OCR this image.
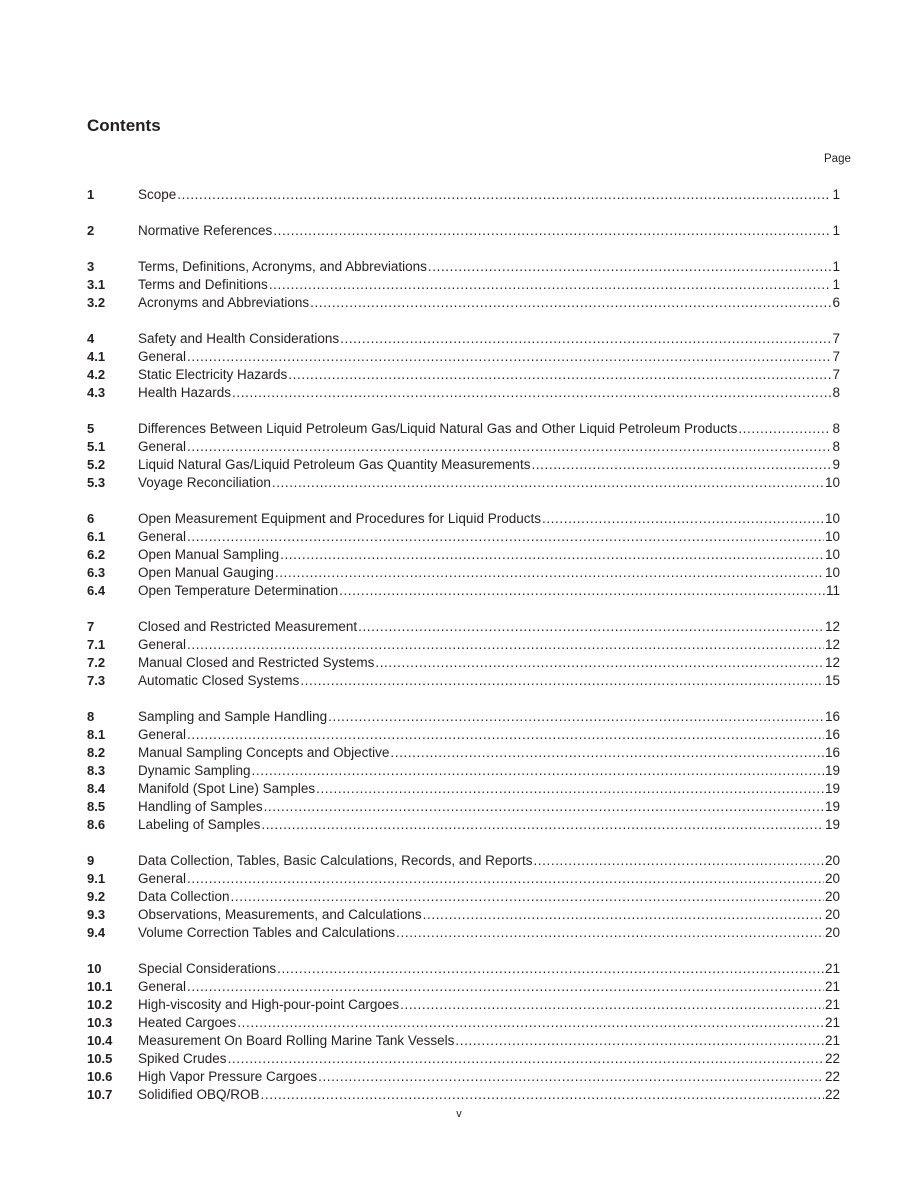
Contents
Page
1	Scope .....	1
2	Normative References .....	1
3	Terms, Definitions, Acronyms, and Abbreviations .....	1
3.1	Terms and Definitions .....	1
3.2	Acronyms and Abbreviations .....	6
4	Safety and Health Considerations .....	7
4.1	General .....	7
4.2	Static Electricity Hazards .....	7
4.3	Health Hazards .....	8
5	Differences Between Liquid Petroleum Gas/Liquid Natural Gas and Other Liquid Petroleum Products .....	8
5.1	General .....	8
5.2	Liquid Natural Gas/Liquid Petroleum Gas Quantity Measurements .....	9
5.3	Voyage Reconciliation .....	10
6	Open Measurement Equipment and Procedures for Liquid Products .....	10
6.1	General .....	10
6.2	Open Manual Sampling .....	10
6.3	Open Manual Gauging .....	10
6.4	Open Temperature Determination .....	11
7	Closed and Restricted Measurement .....	12
7.1	General .....	12
7.2	Manual Closed and Restricted Systems .....	12
7.3	Automatic Closed Systems .....	15
8	Sampling and Sample Handling .....	16
8.1	General .....	16
8.2	Manual Sampling Concepts and Objective .....	16
8.3	Dynamic Sampling .....	19
8.4	Manifold (Spot Line) Samples .....	19
8.5	Handling of Samples .....	19
8.6	Labeling of Samples .....	19
9	Data Collection, Tables, Basic Calculations, Records, and Reports .....	20
9.1	General .....	20
9.2	Data Collection .....	20
9.3	Observations, Measurements, and Calculations .....	20
9.4	Volume Correction Tables and Calculations .....	20
10	Special Considerations .....	21
10.1	General .....	21
10.2	High-viscosity and High-pour-point Cargoes .....	21
10.3	Heated Cargoes .....	21
10.4	Measurement On Board Rolling Marine Tank Vessels .....	21
10.5	Spiked Crudes .....	22
10.6	High Vapor Pressure Cargoes .....	22
10.7	Solidified OBQ/ROB .....	22
v
